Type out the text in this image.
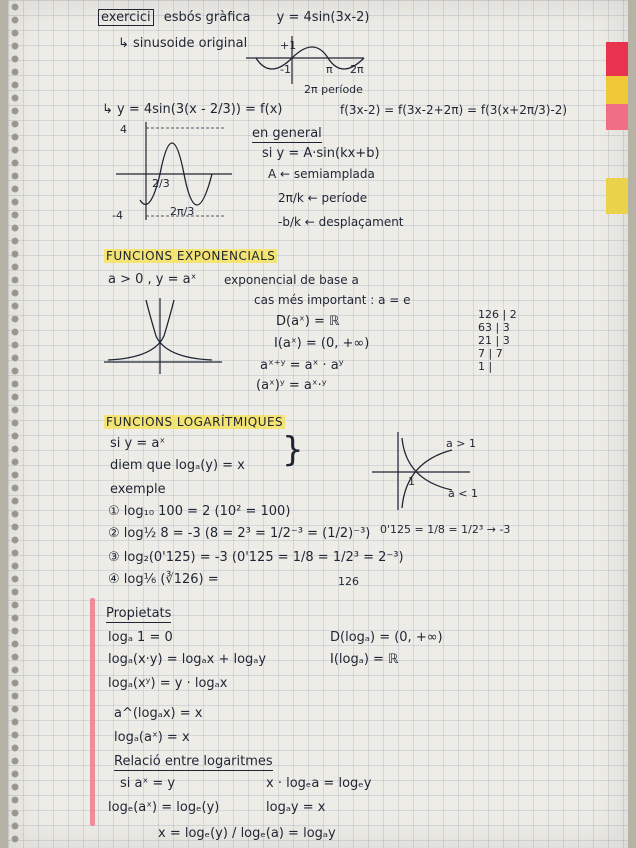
exercici esbós gràfica y = 4sin(3x-2)
↳ sinusoide original	+1
-1	π 2π
2π període
↳ y = 4sin(3(x - 2/3)) = f(x)	f(3x-2) = f(3x-2+2π) = f(3(x+2π/3)-2)
4
-4
2/3
2π/3
en general
si y = A·sin(kx+b)
A ← semiamplada
2π/k ← període
-b/k ← desplaçament
FUNCIONS EXPONENCIALS
a > 0 , y = aˣ exponencial de base a
cas més important : a = e
D(aˣ) = ℝ
I(aˣ) = (0, +∞)
aˣ⁺ʸ = aˣ · aʸ
(aˣ)ʸ = aˣ·ʸ
126 | 2
63 | 3
21 | 3
7 | 7
1 |
FUNCIONS LOGARÍTMIQUES
si y = aˣ
diem que logₐ(y) = x }	a > 1
a < 1
1
exemple
① log₁₀ 100 = 2 (10² = 100)
② log½ 8 = -3 (8 = 2³ = 1/2⁻³ = (1/2)⁻³) 0'125 = 1/8 = 1/2³ → -3
③ log₂(0'125) = -3 (0'125 = 1/8 = 1/2³ = 2⁻³)
④ log⅙ (∛126) =	126
Propietats
logₐ 1 = 0
logₐ(x·y) = logₐx + logₐy
logₐ(xʸ) = y · logₐx
a^(logₐx) = x
logₐ(aˣ) = x
D(logₐ) = (0, +∞)
I(logₐ) = ℝ
Relació entre logaritmes
si aˣ = y	x · logₑa = logₑy
logₑ(aˣ) = logₑ(y)	logₐy = x
x = logₑ(y) / logₑ(a) = logₐy
